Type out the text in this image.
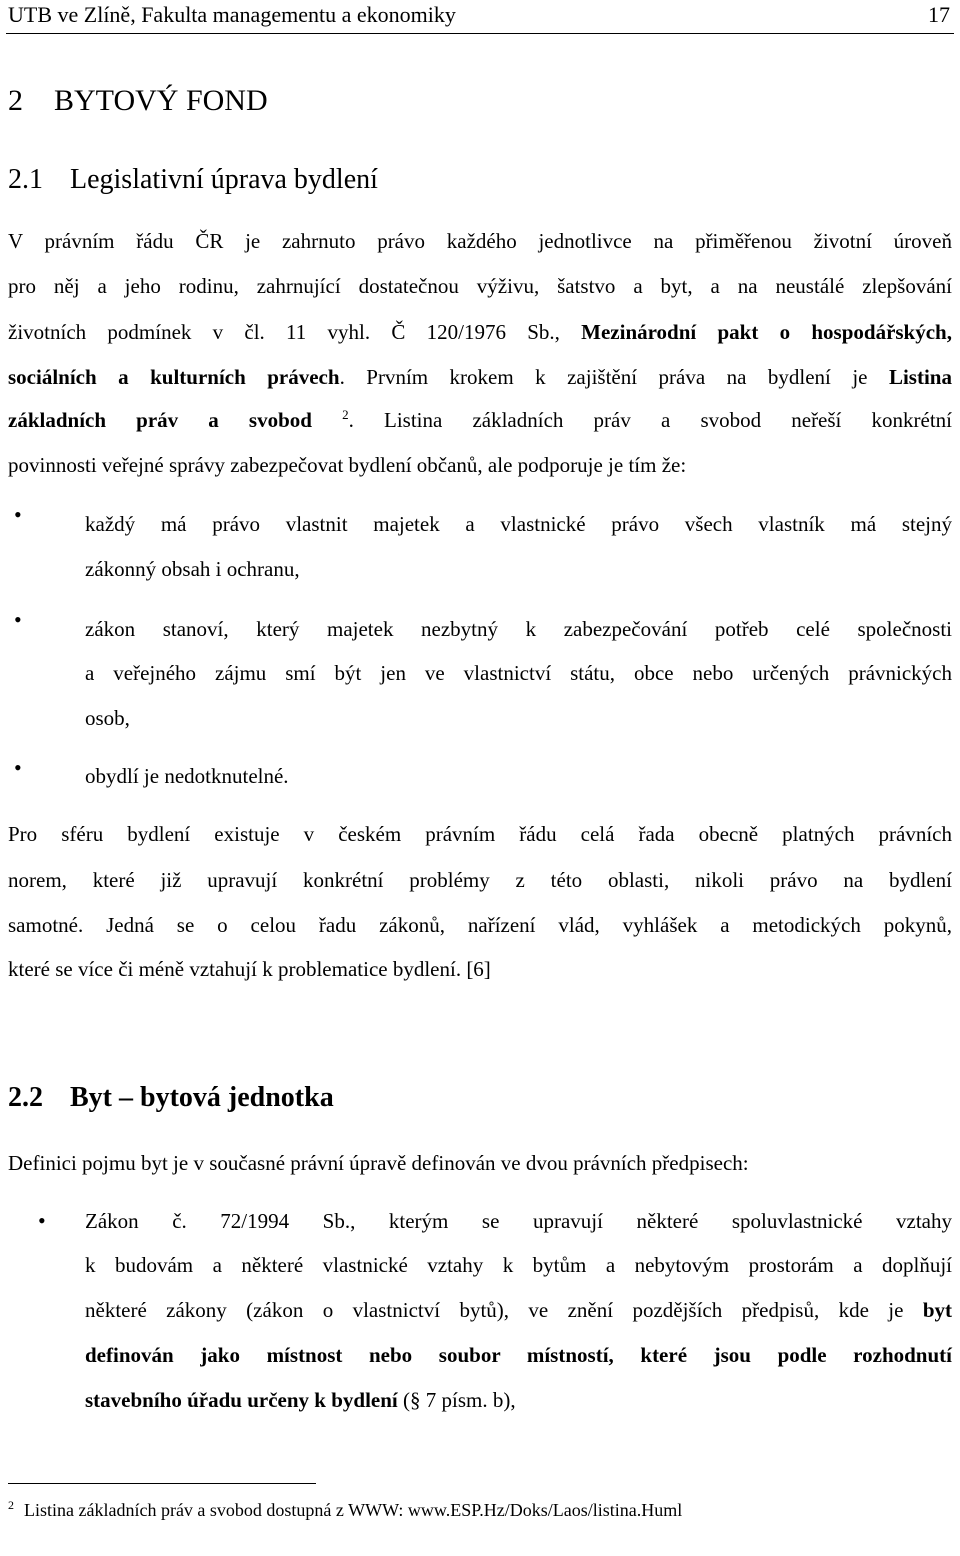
UTB ve Zlíně, Fakulta managementu a ekonomiky	17
2 BYTOVÝ FOND
2.1 Legislativní úprava bydlení
V právním řádu ČR je zahrnuto právo každého jednotlivce na přiměřenou životní úroveň
pro něj a jeho rodinu, zahrnující dostatečnou výživu, šatstvo a byt, a na neustálé zlepšování
životních podmínek v čl. 11 vyhl. Č 120/1976 Sb., Mezinárodní pakt o hospodářských,
sociálních a kulturních právech. Prvním krokem k zajištění práva na bydlení je Listina
základních práv a svobod $^2$. Listina základních práv a svobod neřeší konkrétní
povinnosti veřejné správy zabezpečovat bydlení občanů, ale podporuje je tím že:
•	každý má právo vlastnit majetek a vlastnické právo všech vlastník má stejný
zákonný obsah i ochranu,
•	zákon stanoví, který majetek nezbytný k zabezpečování potřeb celé společnosti
a veřejného zájmu smí být jen ve vlastnictví státu, obce nebo určených právnických
osob,
•	obydlí je nedotknutelné.
Pro sféru bydlení existuje v českém právním řádu celá řada obecně platných právních
norem, které již upravují konkrétní problémy z této oblasti, nikoli právo na bydlení
samotné. Jedná se o celou řadu zákonů, nařízení vlád, vyhlášek a metodických pokynů,
které se více či méně vztahují k problematice bydlení. [6]
2.2 Byt – bytová jednotka
Definici pojmu byt je v současné právní úpravě definován ve dvou právních předpisech:
• Zákon č. 72/1994 Sb., kterým se upravují některé spoluvlastnické vztahy
k budovám a některé vlastnické vztahy k bytům a nebytovým prostorám a doplňují
některé zákony (zákon o vlastnictví bytů), ve znění pozdějších předpisů, kde je byt
definován jako místnost nebo soubor místností, které jsou podle rozhodnutí
stavebního úřadu určeny k bydlení (§ 7 písm. b),
$^2$ Listina základních práv a svobod dostupná z WWW: www.ESP.Hz/Doks/Laos/listina.Huml
